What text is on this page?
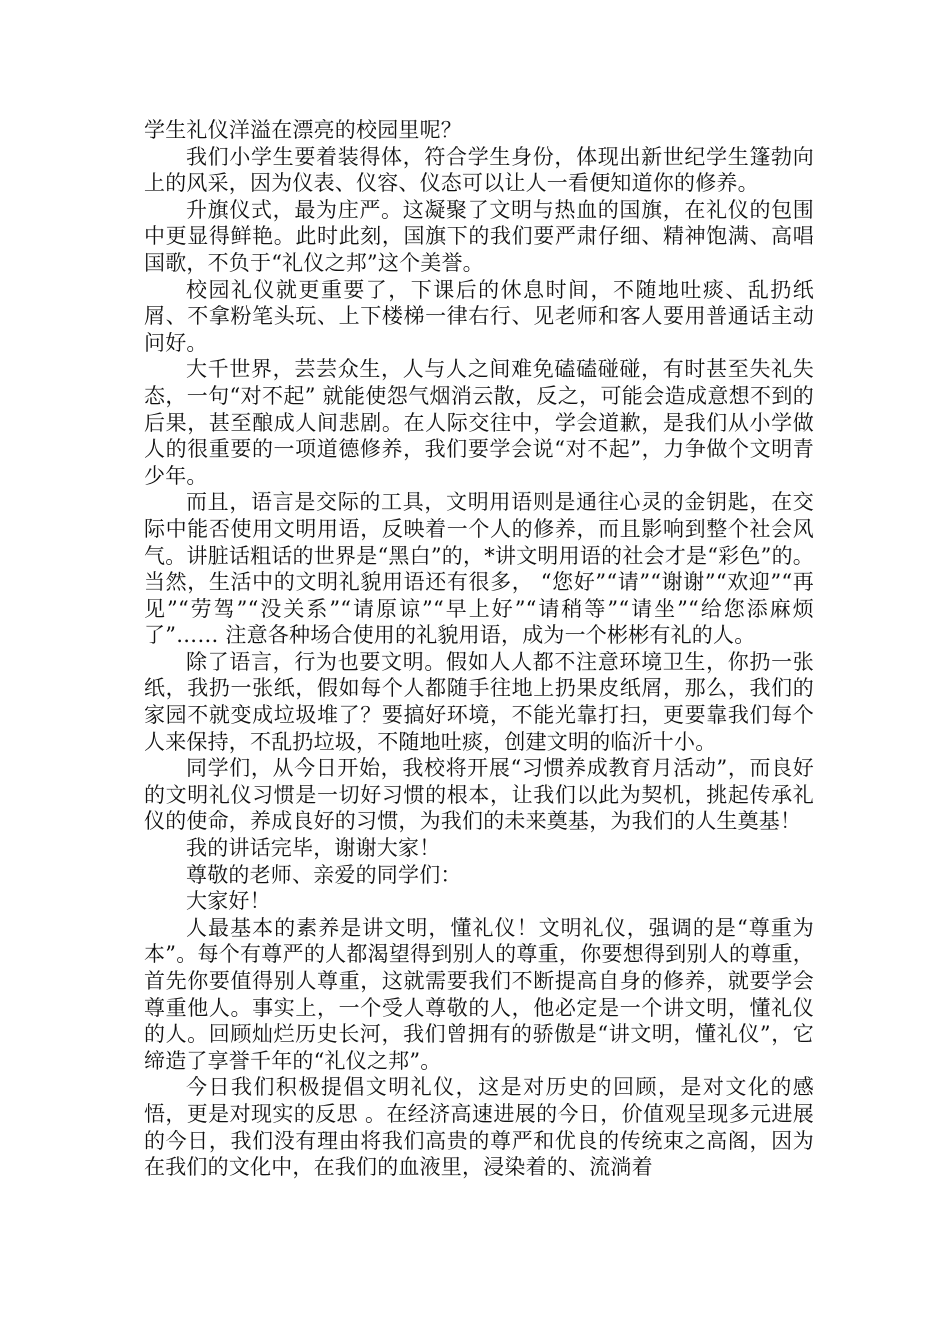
学生礼仪洋溢在漂亮的校园里呢？

我们小学生要着装得体，符合学生身份，体现出新世纪学生篷勃向上的风采，因为仪表、仪容、仪态可以让人一看便知道你的修养。

升旗仪式，最为庄严。这凝聚了文明与热血的国旗，在礼仪的包围中更显得鲜艳。此时此刻，国旗下的我们要严肃仔细、精神饱满、高唱国歌，不负于“礼仪之邦”这个美誉。

校园礼仪就更重要了，下课后的休息时间，不随地吐痰、乱扔纸屑、不拿粉笔头玩、上下楼梯一律右行、见老师和客人要用普通话主动问好。

大千世界，芸芸众生，人与人之间难免磕磕碰碰，有时甚至失礼失态，一句“对不起” 就能使怨气烟消云散，反之，可能会造成意想不到的后果，甚至酿成人间悲剧。在人际交往中，学会道歉，是我们从小学做人的很重要的一项道德修养，我们要学会说“对不起”，力争做个文明青少年。

而且，语言是交际的工具，文明用语则是通往心灵的金钥匙，在交际中能否使用文明用语，反映着一个人的修养，而且影响到整个社会风气。讲脏话粗话的世界是“黑白”的，*讲文明用语的社会才是“彩色”的。当然，生活中的文明礼貌用语还有很多， “您好”“请”“谢谢”“欢迎”“再见”“劳驾”“没关系”“请原谅”“早上好”“请稍等”“请坐”“给您添麻烦了”…… 注意各种场合使用的礼貌用语，成为一个彬彬有礼的人。

除了语言，行为也要文明。假如人人都不注意环境卫生，你扔一张纸，我扔一张纸，假如每个人都随手往地上扔果皮纸屑，那么，我们的家园不就变成垃圾堆了？要搞好环境，不能光靠打扫，更要靠我们每个人来保持，不乱扔垃圾，不随地吐痰，创建文明的临沂十小。

同学们，从今日开始，我校将开展“习惯养成教育月活动”，而良好的文明礼仪习惯是一切好习惯的根本，让我们以此为契机，挑起传承礼仪的使命，养成良好的习惯，为我们的未来奠基，为我们的人生奠基！

我的讲话完毕，谢谢大家！

尊敬的老师、亲爱的同学们：

大家好！

人最基本的素养是讲文明，懂礼仪！文明礼仪，强调的是“尊重为本”。每个有尊严的人都渴望得到别人的尊重，你要想得到别人的尊重，首先你要值得别人尊重，这就需要我们不断提高自身的修养，就要学会尊重他人。事实上，一个受人尊敬的人，他必定是一个讲文明，懂礼仪的人。回顾灿烂历史长河，我们曾拥有的骄傲是“讲文明，懂礼仪”，它缔造了享誉千年的“礼仪之邦”。

今日我们积极提倡文明礼仪，这是对历史的回顾，是对文化的感悟，更是对现实的反思 。在经济高速进展的今日，价值观呈现多元进展的今日，我们没有理由将我们高贵的尊严和优良的传统束之高阁，因为在我们的文化中，在我们的血液里，浸染着的、流淌着
